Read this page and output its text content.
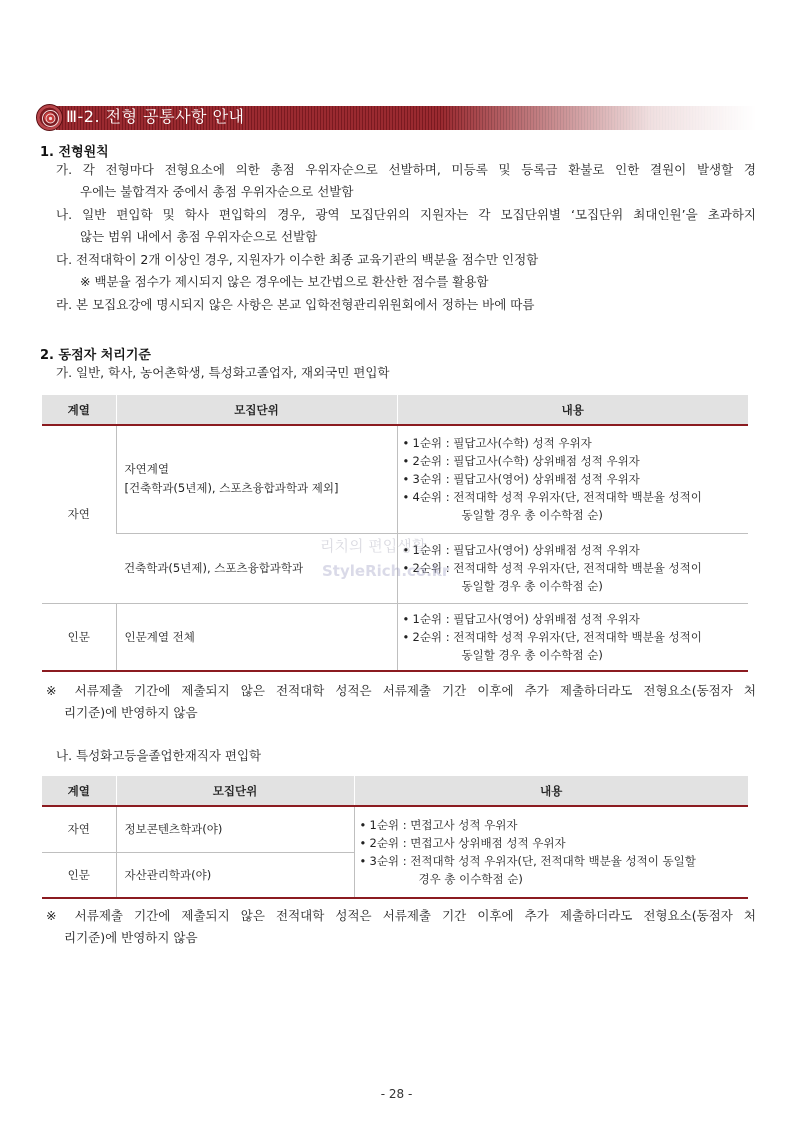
Ⅲ-2. 전형 공통사항 안내
1. 전형원칙
가. 각 전형마다 전형요소에 의한 총점 우위자순으로 선발하며, 미등록 및 등록금 환불로 인한 결원이 발생할 경
우에는 불합격자 중에서 총점 우위자순으로 선발함
나. 일반 편입학 및 학사 편입학의 경우, 광역 모집단위의 지원자는 각 모집단위별 ‘모집단위 최대인원’을 초과하지
않는 범위 내에서 총점 우위자순으로 선발함
다. 전적대학이 2개 이상인 경우, 지원자가 이수한 최종 교육기관의 백분율 점수만 인정함
※ 백분율 점수가 제시되지 않은 경우에는 보간법으로 환산한 점수를 활용함
라. 본 모집요강에 명시되지 않은 사항은 본교 입학전형관리위원회에서 정하는 바에 따름
2. 동점자 처리기준
가. 일반, 학사, 농어촌학생, 특성화고졸업자, 재외국민 편입학
계열	모집단위	내용
자연	자연계열
[건축학과(5년제), 스포츠융합과학과 제외]	• 1순위 : 필답고사(수학) 성적 우위자
• 2순위 : 필답고사(수학) 상위배점 성적 우위자
• 3순위 : 필답고사(영어) 상위배점 성적 우위자
• 4순위 : 전적대학 성적 우위자(단, 전적대학 백분율 성적이
동일할 경우 총 이수학점 순)

	건축학과(5년제), 스포츠융합과학과	• 1순위 : 필답고사(영어) 상위배점 성적 우위자
• 2순위 : 전적대학 성적 우위자(단, 전적대학 백분율 성적이
동일할 경우 총 이수학점 순)

인문	인문계열 전체	• 1순위 : 필답고사(영어) 상위배점 성적 우위자
• 2순위 : 전적대학 성적 우위자(단, 전적대학 백분율 성적이
동일할 경우 총 이수학점 순)
리치의 편입생활
StyleRich.co.kr
※ 서류제출 기간에 제출되지 않은 전적대학 성적은 서류제출 기간 이후에 추가 제출하더라도 전형요소(동점자 처
리기준)에 반영하지 않음
나. 특성화고등을졸업한재직자 편입학
계열	모집단위	내용
자연	정보콘텐츠학과(야)	• 1순위 : 면접고사 성적 우위자
• 2순위 : 면접고사 상위배점 성적 우위자
• 3순위 : 전적대학 성적 우위자(단, 전적대학 백분율 성적이 동일할
경우 총 이수학점 순)

인문	자산관리학과(야)	
※ 서류제출 기간에 제출되지 않은 전적대학 성적은 서류제출 기간 이후에 추가 제출하더라도 전형요소(동점자 처
리기준)에 반영하지 않음
- 28 -
